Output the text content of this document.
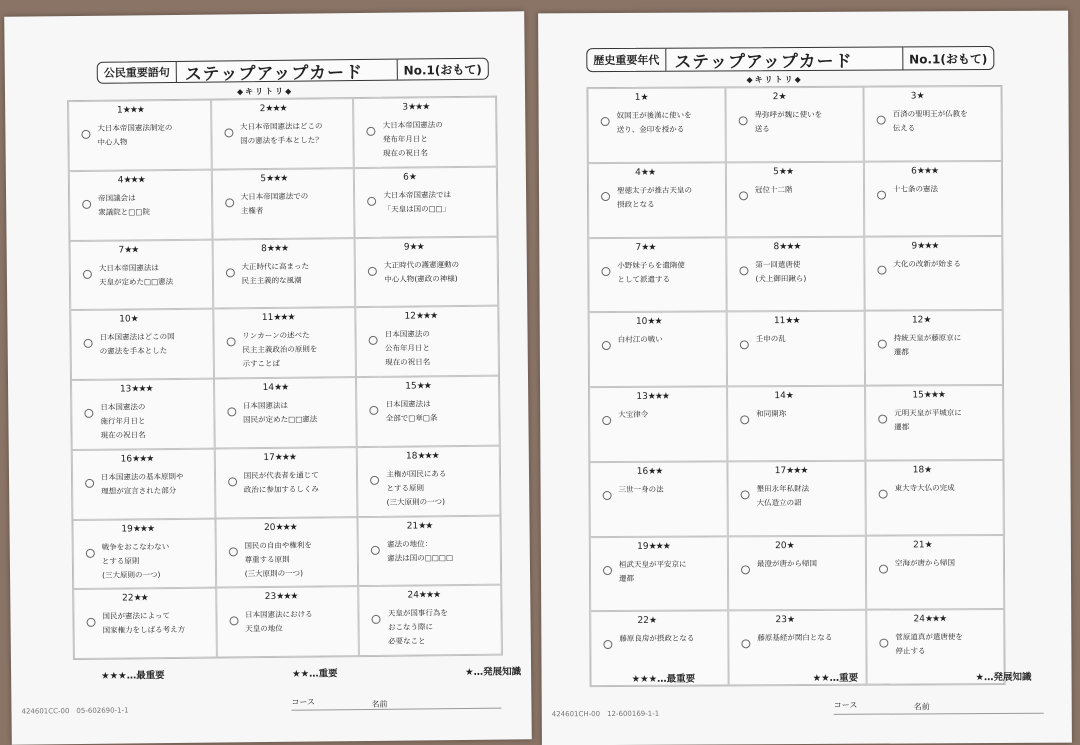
公民重要語句 ステップアップカード	No.1(おもて)
◆キリトリ◆
1★★★
大日本帝国憲法制定の
中心人物
2★★★
大日本帝国憲法はどこの
国の憲法を手本とした？
3★★★
大日本帝国憲法の
発布年月日と
現在の祝日名
4★★★
帝国議会は
衆議院と□□院
5★★★
大日本帝国憲法での
主権者
6★
大日本帝国憲法では
「天皇は国の□□」
7★★
大日本帝国憲法は
天皇が定めた□□憲法
8★★★
大正時代に高まった
民主主義的な風潮
9★★
大正時代の護憲運動の
中心人物(憲政の神様)
10★
日本国憲法はどこの国
の憲法を手本とした
11★★★
リンカーンの述べた
民主主義政治の原則を
示すことば
12★★★
日本国憲法の
公布年月日と
現在の祝日名
13★★★
日本国憲法の
施行年月日と
現在の祝日名
14★★
日本国憲法は
国民が定めた□□憲法
15★★
日本国憲法は
全部で□章□条
16★★★
日本国憲法の基本原則や
理想が宣言された部分
17★★★
国民が代表者を通じて
政治に参加するしくみ
18★★★
主権が国民にある
とする原則
(三大原則の一つ)
19★★★
戦争をおこなわない
とする原則
(三大原則の一つ)
20★★★
国民の自由や権利を
尊重する原則
(三大原則の一つ)
21★★
憲法の地位：
憲法は国の□□□□
22★★
国民が憲法によって
国家権力をしばる考え方
23★★★
日本国憲法における
天皇の地位
24★★★
天皇が国事行為を
おこなう際に
必要なこと
★★★…最重要	★★…重要	★…発展知識
424601CC-00　05-602690-1-1
コース	名前
歴史重要年代 ステップアップカード	No.1(おもて)
◆キリトリ◆
1★
奴国王が後漢に使いを
送り、金印を授かる
2★
卑弥呼が魏に使いを
送る
3★
百済の聖明王が仏教を
伝える
4★★
聖徳太子が推古天皇の
摂政となる
5★★
冠位十二階
6★★★
十七条の憲法
7★★
小野妹子らを遣隋使
として派遣する
8★★★
第一回遣唐使
(犬上御田鍬ら)
9★★★
大化の改新が始まる
10★★
白村江の戦い
11★★
壬申の乱
12★
持統天皇が藤原京に
遷都
13★★★
大宝律令
14★
和同開珎
15★★★
元明天皇が平城京に
遷都
16★★
三世一身の法
17★★★
墾田永年私財法
大仏造立の詔
18★
東大寺大仏の完成
19★★★
桓武天皇が平安京に
遷都
20★
最澄が唐から帰国
21★
空海が唐から帰国
22★
藤原良房が摂政となる
23★
藤原基経が関白となる
24★★★
菅原道真が遣唐使を
停止する
★★★…最重要	★★…重要	★…発展知識
424601CH-00　12-600169-1-1
コース	名前
